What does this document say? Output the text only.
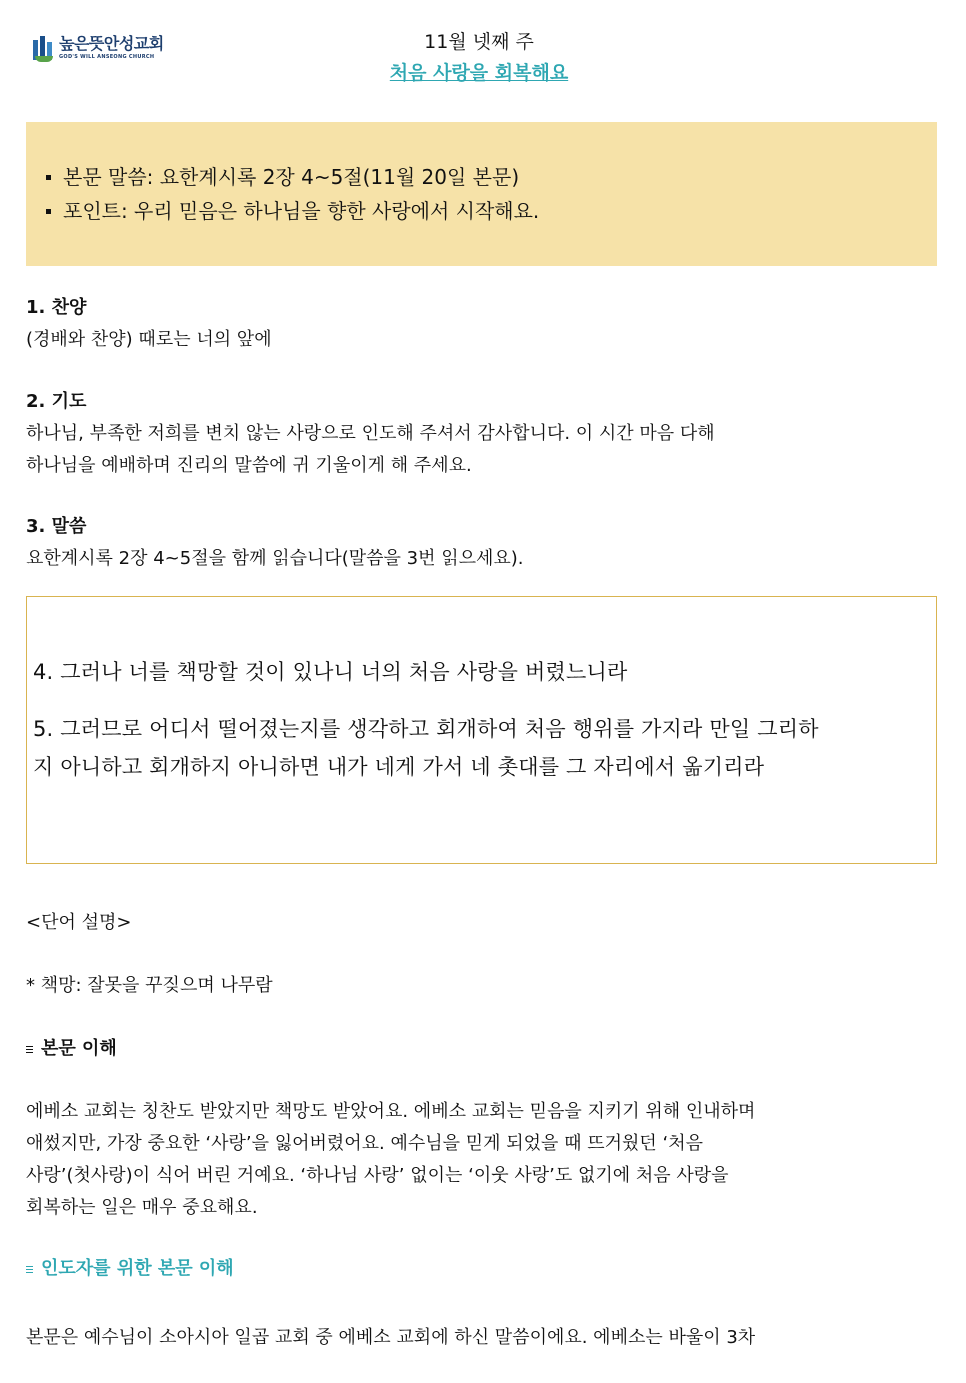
높은뜻안성교회
GOD'S WILL ANSEONG CHURCH
11월 넷째 주
처음 사랑을 회복해요
본문 말씀: 요한계시록 2장 4~5절(11월 20일 본문)
포인트: 우리 믿음은 하나님을 향한 사랑에서 시작해요.
1. 찬양
(경배와 찬양) 때로는 너의 앞에
2. 기도
하나님, 부족한 저희를 변치 않는 사랑으로 인도해 주셔서 감사합니다. 이 시간 마음 다해
하나님을 예배하며 진리의 말씀에 귀 기울이게 해 주세요.
3. 말씀
요한계시록 2장 4~5절을 함께 읽습니다(말씀을 3번 읽으세요).
4. 그러나 너를 책망할 것이 있나니 너의 처음 사랑을 버렸느니라
5. 그러므로 어디서 떨어졌는지를 생각하고 회개하여 처음 행위를 가지라 만일 그리하
지 아니하고 회개하지 아니하면 내가 네게 가서 네 촛대를 그 자리에서 옮기리라
<단어 설명>
* 책망: 잘못을 꾸짖으며 나무람
본문 이해
에베소 교회는 칭찬도 받았지만 책망도 받았어요. 에베소 교회는 믿음을 지키기 위해 인내하며
애썼지만, 가장 중요한 ‘사랑’을 잃어버렸어요. 예수님을 믿게 되었을 때 뜨거웠던 ‘처음
사랑’(첫사랑)이 식어 버린 거예요. ‘하나님 사랑’ 없이는 ‘이웃 사랑’도 없기에 처음 사랑을
회복하는 일은 매우 중요해요.
인도자를 위한 본문 이해
본문은 예수님이 소아시아 일곱 교회 중 에베소 교회에 하신 말씀이에요. 에베소는 바울이 3차
